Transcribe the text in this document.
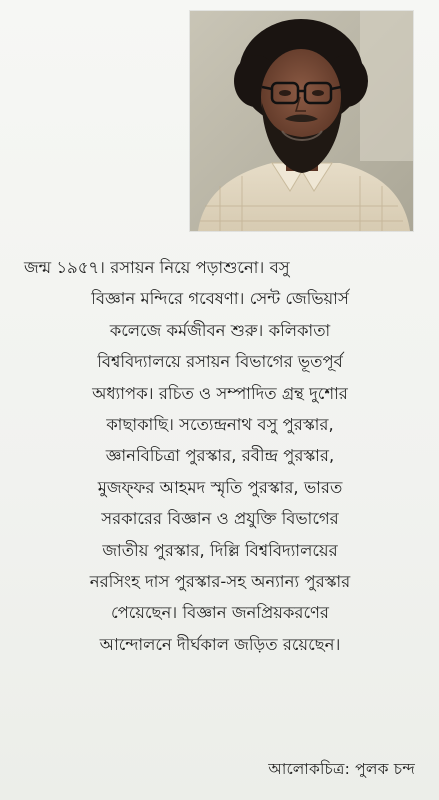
জন্ম ১৯৫৭। রসায়ন নিয়ে পড়াশুনো। বসু
বিজ্ঞান মন্দিরে গবেষণা। সেন্ট জেভিয়ার্স
কলেজে কর্মজীবন শুরু। কলিকাতা
বিশ্ববিদ্যালয়ে রসায়ন বিভাগের ভূতপূর্ব
অধ্যাপক। রচিত ও সম্পাদিত গ্রন্থ দুশোর
কাছাকাছি। সত্যেন্দ্রনাথ বসু পুরস্কার,
জ্ঞানবিচিত্রা পুরস্কার, রবীন্দ্র পুরস্কার,
মুজফ্‌ফর আহমদ স্মৃতি পুরস্কার, ভারত
সরকারের বিজ্ঞান ও প্রযুক্তি বিভাগের
জাতীয় পুরস্কার, দিল্লি বিশ্ববিদ্যালয়ের
নরসিংহ দাস পুরস্কার-সহ অন্যান্য পুরস্কার
পেয়েছেন। বিজ্ঞান জনপ্রিয়করণের
আন্দোলনে দীর্ঘকাল জড়িত রয়েছেন।
আলোকচিত্র: পুলক চন্দ
